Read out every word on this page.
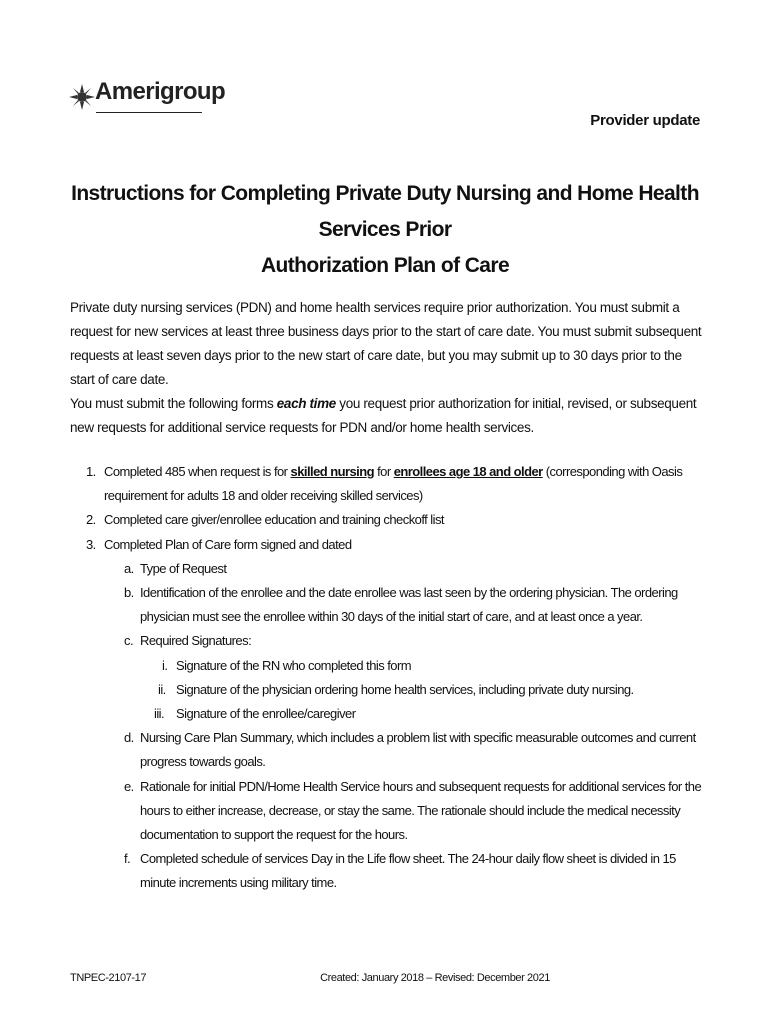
Amerigroup
Provider update
Instructions for Completing Private Duty Nursing and Home Health Services Prior
Authorization Plan of Care
Private duty nursing services (PDN) and home health services require prior authorization. You must submit a request for new services at least three business days prior to the start of care date. You must submit subsequent requests at least seven days prior to the new start of care date, but you may submit up to 30 days prior to the start of care date.
You must submit the following forms each time you request prior authorization for initial, revised, or subsequent new requests for additional service requests for PDN and/or home health services.
1. Completed 485 when request is for skilled nursing for enrollees age 18 and older (corresponding with Oasis requirement for adults 18 and older receiving skilled services)
2. Completed care giver/enrollee education and training checkoff list
3. Completed Plan of Care form signed and dated
a. Type of Request
b. Identification of the enrollee and the date enrollee was last seen by the ordering physician. The ordering physician must see the enrollee within 30 days of the initial start of care, and at least once a year.
c. Required Signatures:
i. Signature of the RN who completed this form
ii. Signature of the physician ordering home health services, including private duty nursing.
iii. Signature of the enrollee/caregiver
d. Nursing Care Plan Summary, which includes a problem list with specific measurable outcomes and current progress towards goals.
e. Rationale for initial PDN/Home Health Service hours and subsequent requests for additional services for the hours to either increase, decrease, or stay the same. The rationale should include the medical necessity documentation to support the request for the hours.
f. Completed schedule of services Day in the Life flow sheet. The 24-hour daily flow sheet is divided in 15 minute increments using military time.
TNPEC-2107-17	Created: January 2018 – Revised: December 2021
